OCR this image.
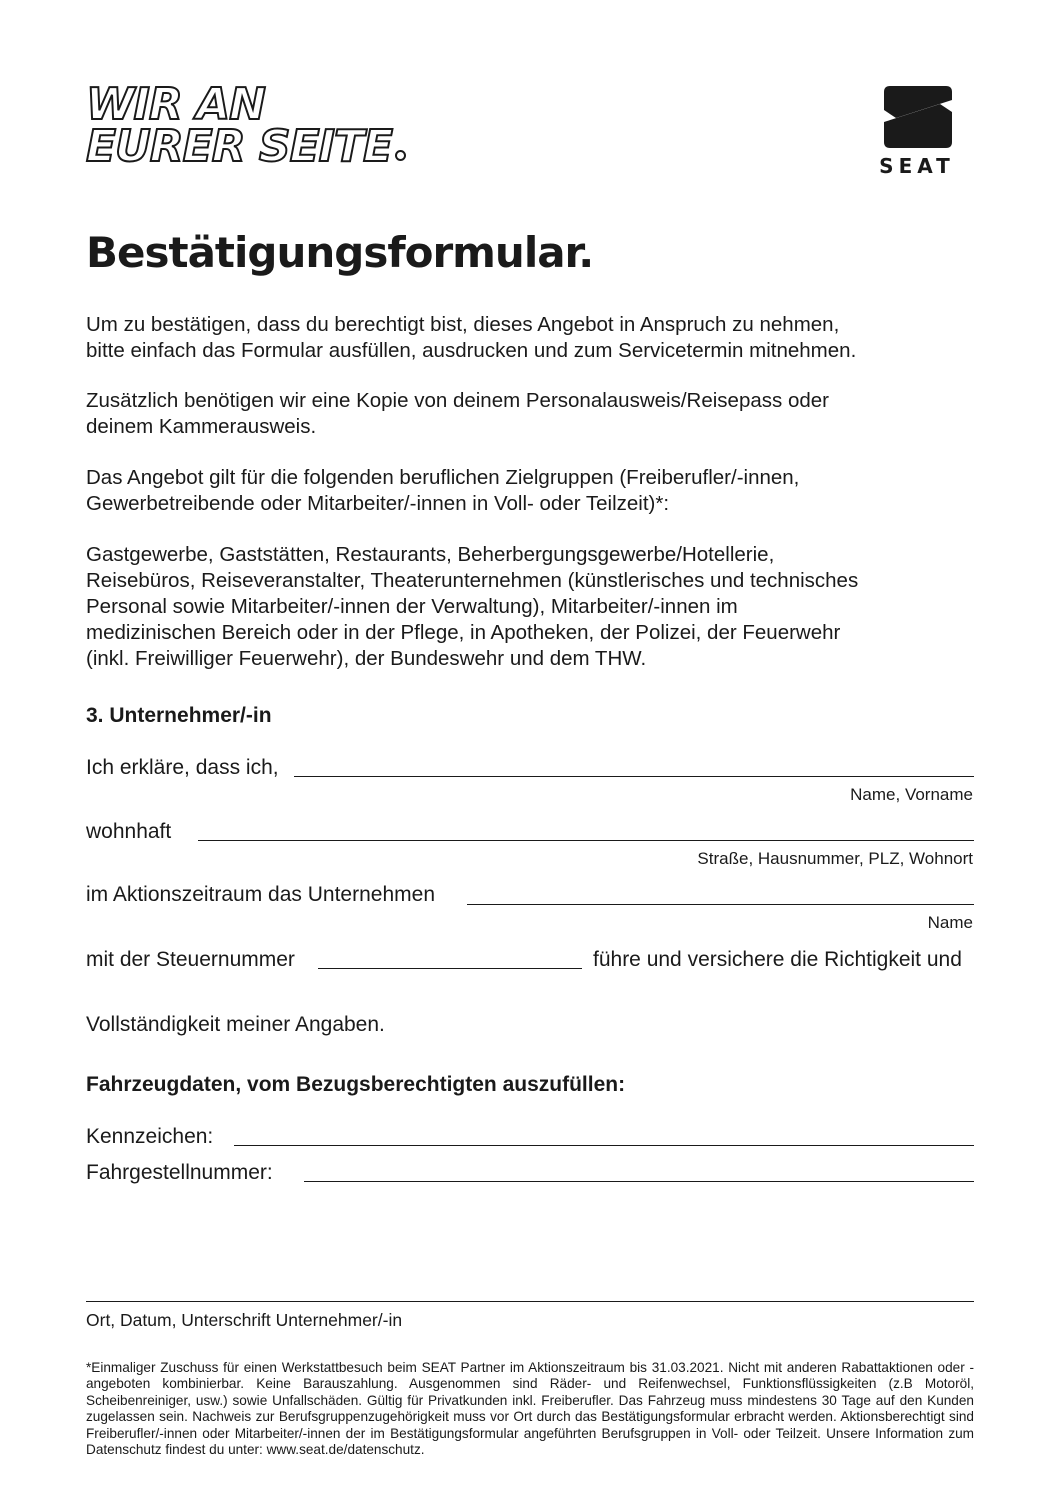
WIR AN
EURER SEITE	SEAT
Bestätigungsformular.

Um zu bestätigen, dass du berechtigt bist, dieses Angebot in Anspruch zu nehmen,
bitte einfach das Formular ausfüllen, ausdrucken und zum Servicetermin mitnehmen.

Zusätzlich benötigen wir eine Kopie von deinem Personalausweis/Reisepass oder
deinem Kammerausweis.

Das Angebot gilt für die folgenden beruflichen Zielgruppen (Freiberufler/-innen,
Gewerbetreibende oder Mitarbeiter/-innen in Voll- oder Teilzeit)*:

Gastgewerbe, Gaststätten, Restaurants, Beherbergungsgewerbe/Hotellerie,
Reisebüros, Reiseveranstalter, Theaterunternehmen (künstlerisches und technisches
Personal sowie Mitarbeiter/-innen der Verwaltung), Mitarbeiter/-innen im
medizinischen Bereich oder in der Pflege, in Apotheken, der Polizei, der Feuerwehr
(inkl. Freiwilliger Feuerwehr), der Bundeswehr und dem THW.

3. Unternehmer/-in

Ich erkläre, dass ich,

Name, Vorname

wohnhaft

Straße, Hausnummer, PLZ, Wohnort

im Aktionszeitraum das Unternehmen

Name

mit der Steuernummer	führe und versichere die Richtigkeit und

Vollständigkeit meiner Angaben.

Fahrzeugdaten, vom Bezugsberechtigten auszufüllen:

Kennzeichen:

Fahrgestellnummer:

Ort, Datum, Unterschrift Unternehmer/-in

*Einmaliger Zuschuss für einen Werkstattbesuch beim SEAT Partner im Aktionszeitraum bis 31.03.2021. Nicht mit anderen Rabattaktionen oder -angeboten kombinierbar. Keine Barauszahlung. Ausgenommen sind Räder- und Reifenwechsel, Funktionsflüssigkeiten (z.B Motoröl, Scheibenreiniger, usw.) sowie Unfallschäden. Gültig für Privatkunden inkl. Freiberufler. Das Fahrzeug muss mindestens 30 Tage auf den Kunden zugelassen sein. Nachweis zur Berufsgruppenzugehörigkeit muss vor Ort durch das Bestätigungsformular erbracht werden. Aktionsberechtigt sind Freiberufler/-innen oder Mitarbeiter/-innen der im Bestätigungsformular angeführten Berufsgruppen in Voll- oder Teilzeit. Unsere Information zum Datenschutz findest du unter: www.seat.de/datenschutz.
